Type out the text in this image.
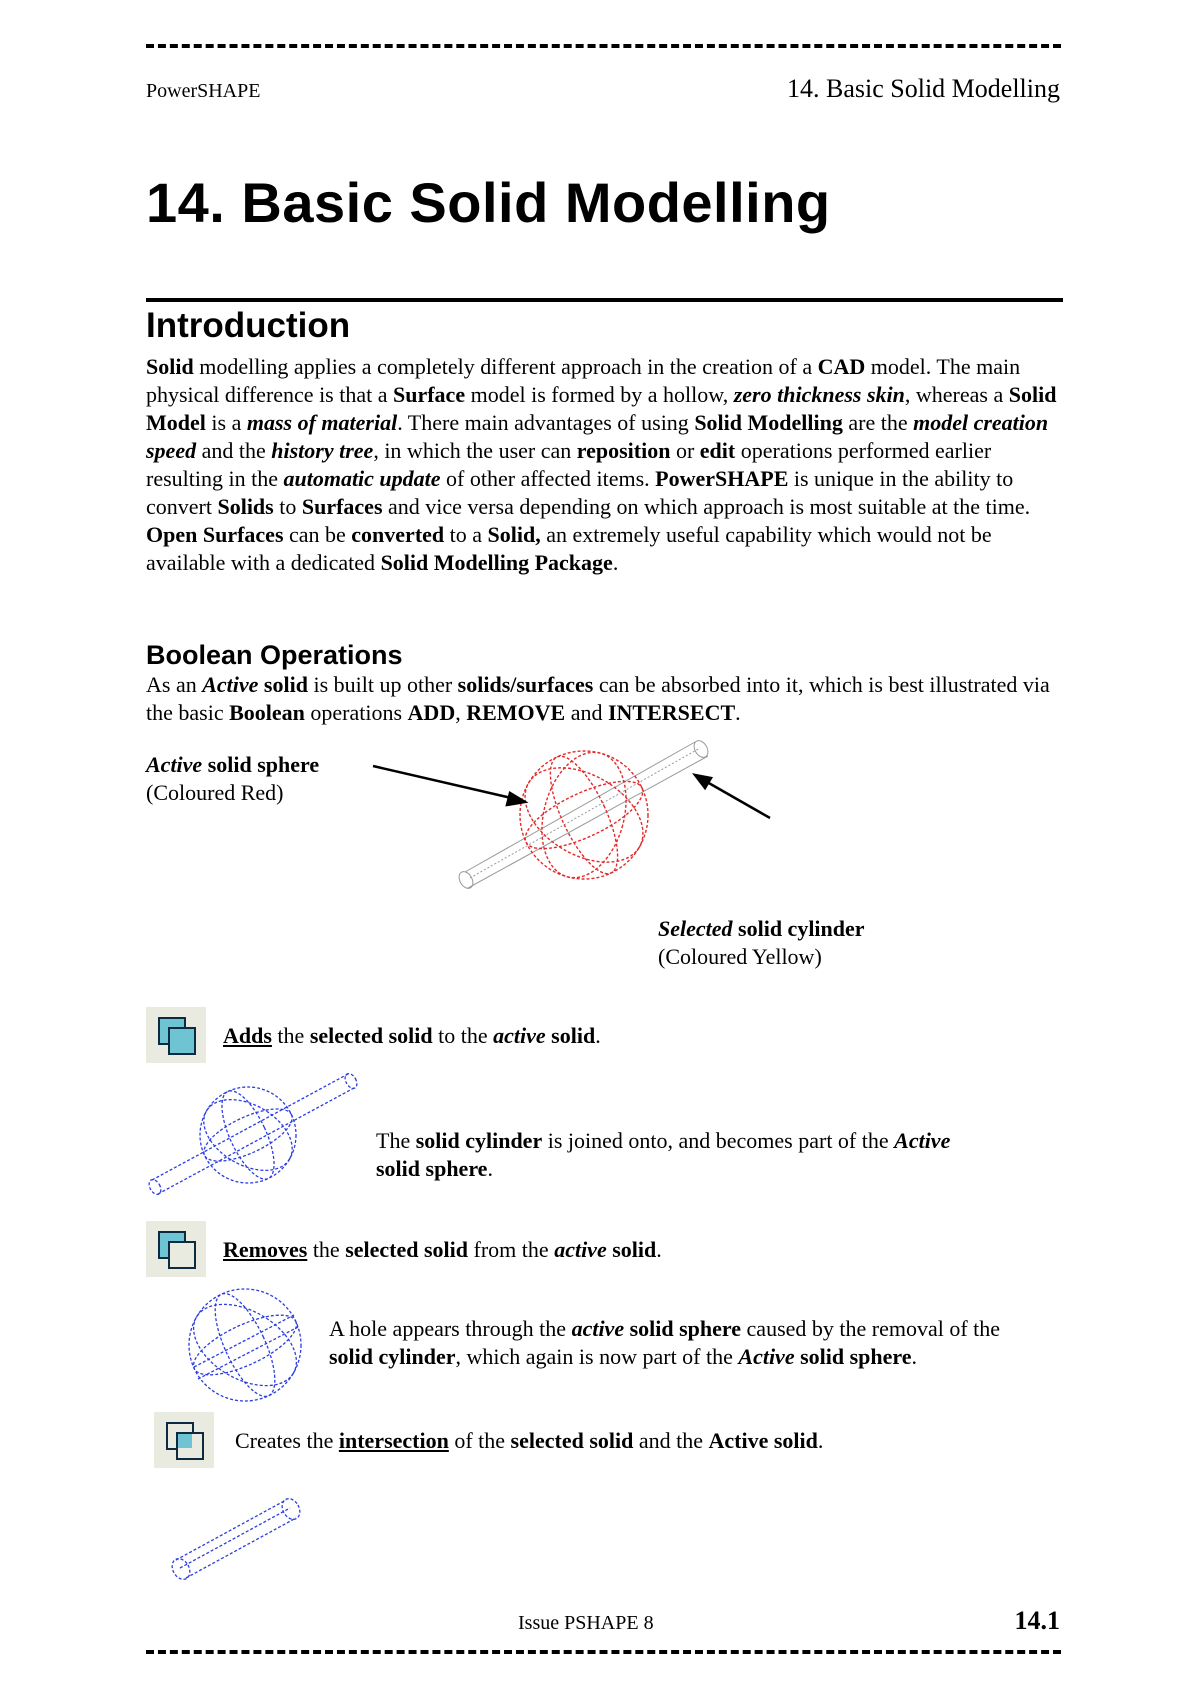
PowerSHAPE	14. Basic Solid Modelling
14. Basic Solid Modelling
Introduction
Solid modelling applies a completely different approach in the creation of a CAD model. The main physical difference is that a Surface model is formed by a hollow, zero thickness skin, whereas a Solid Model is a mass of material. There main advantages of using Solid Modelling are the model creation speed and the history tree, in which the user can reposition or edit operations performed earlier resulting in the automatic update of other affected items. PowerSHAPE is unique in the ability to convert Solids to Surfaces and vice versa depending on which approach is most suitable at the time. Open Surfaces can be converted to a Solid, an extremely useful capability which would not be available with a dedicated Solid Modelling Package.
Boolean Operations
As an Active solid is built up other solids/surfaces can be absorbed into it, which is best illustrated via the basic Boolean operations ADD, REMOVE and INTERSECT.
Active solid sphere
(Coloured Red)
Selected solid cylinder
(Coloured Yellow)
Adds the selected solid to the active solid.
The solid cylinder is joined onto, and becomes part of the Active
solid sphere.
Removes the selected solid from the active solid.
A hole appears through the active solid sphere caused by the removal of the solid cylinder, which again is now part of the Active solid sphere.
Creates the intersection of the selected solid and the Active solid.
Issue PSHAPE 8	14.1
